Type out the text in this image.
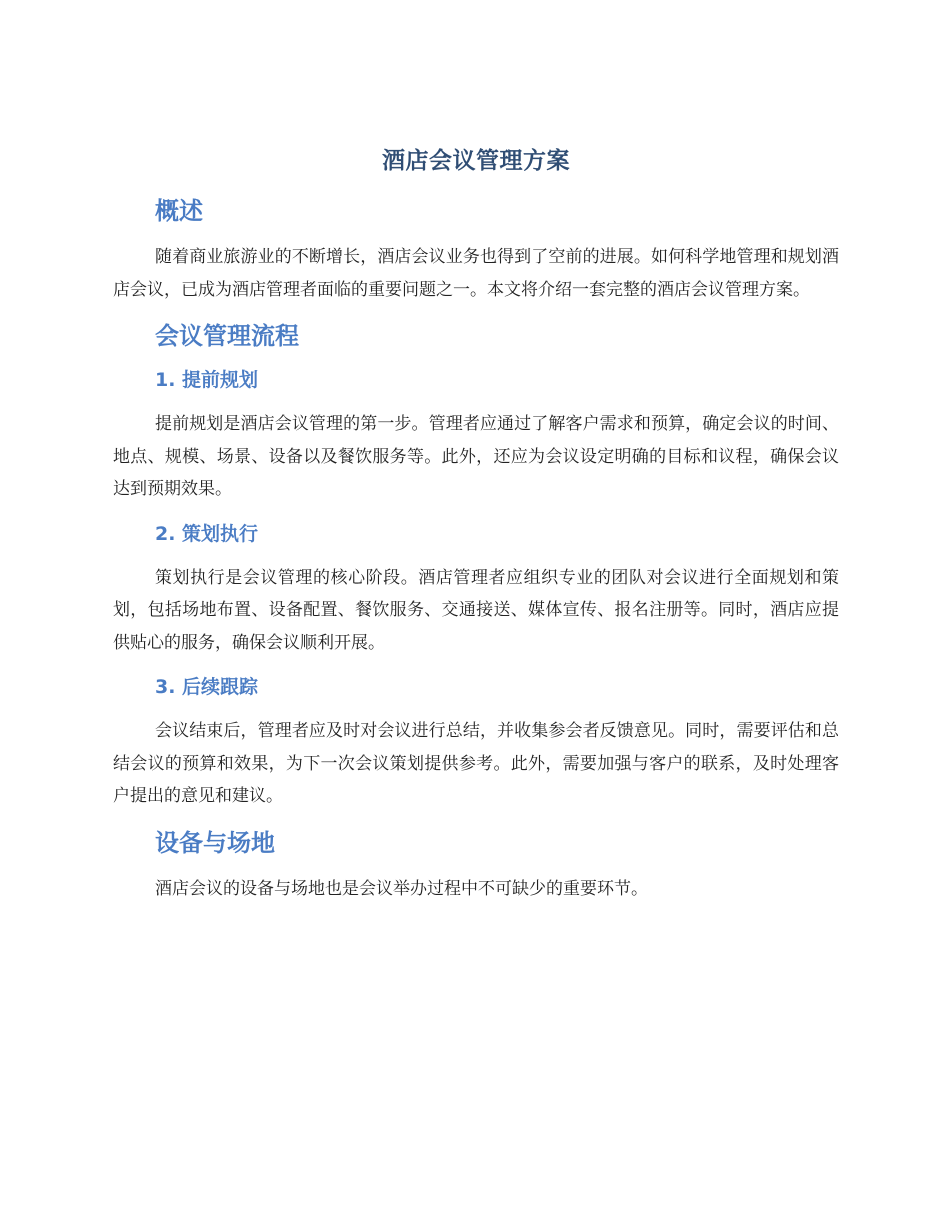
酒店会议管理方案
概述

随着商业旅游业的不断增长，酒店会议业务也得到了空前的进展。如何科学地管理和规划酒店会议，已成为酒店管理者面临的重要问题之一。本文将介绍一套完整的酒店会议管理方案。

会议管理流程
1. 提前规划

提前规划是酒店会议管理的第一步。管理者应通过了解客户需求和预算，确定会议的时间、地点、规模、场景、设备以及餐饮服务等。此外，还应为会议设定明确的目标和议程，确保会议达到预期效果。

2. 策划执行

策划执行是会议管理的核心阶段。酒店管理者应组织专业的团队对会议进行全面规划和策划，包括场地布置、设备配置、餐饮服务、交通接送、媒体宣传、报名注册等。同时，酒店应提供贴心的服务，确保会议顺利开展。

3. 后续跟踪

会议结束后，管理者应及时对会议进行总结，并收集参会者反馈意见。同时，需要评估和总结会议的预算和效果，为下一次会议策划提供参考。此外，需要加强与客户的联系，及时处理客户提出的意见和建议。

设备与场地

酒店会议的设备与场地也是会议举办过程中不可缺少的重要环节。
